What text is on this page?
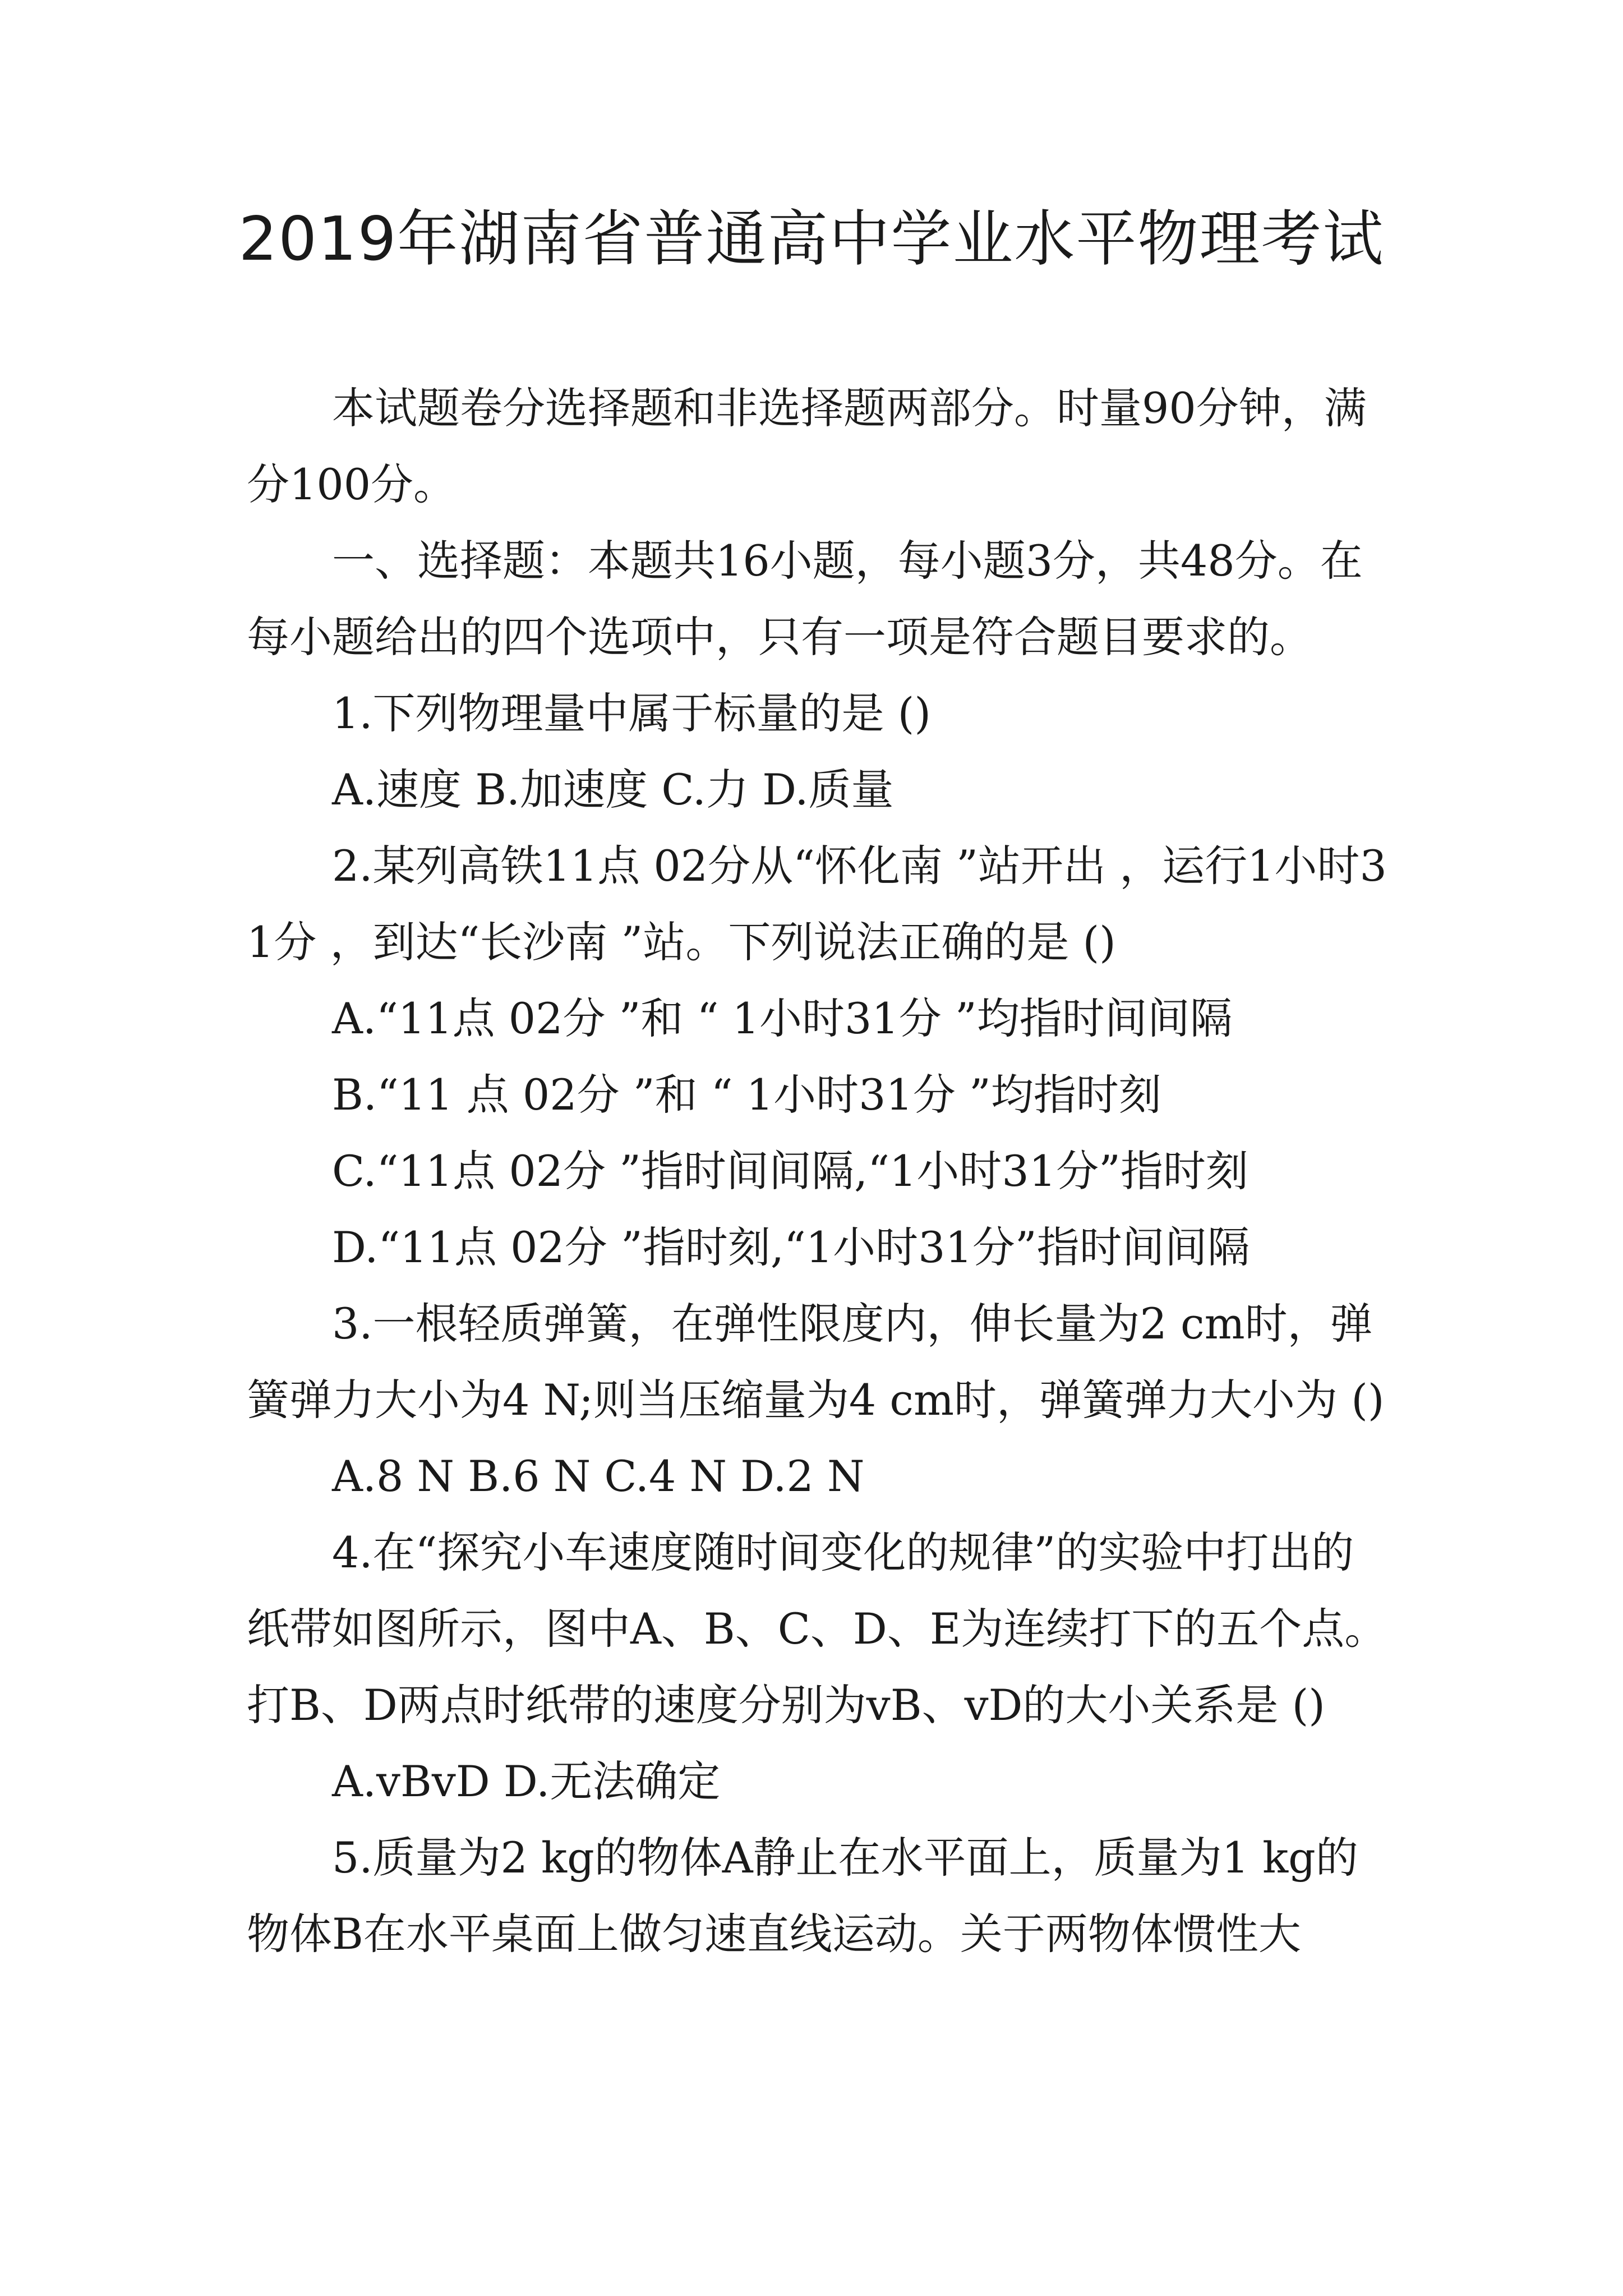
2019年湖南省普通高中学业水平物理考试

本试题卷分选择题和非选择题两部分。时量90分钟，满分100分。

一、选择题：本题共16小题，每小题3分，共48分。在每小题给出的四个选项中，只有一项是符合题目要求的。

1.下列物理量中属于标量的是 ()

A.速度 B.加速度 C.力 D.质量

2.某列高铁11点 02分从“怀化南 ”站开出 ，运行1小时31分 ，到达“长沙南 ”站。下列说法正确的是 ()

A.“11点 02分 ”和 “ 1小时31分 ”均指时间间隔

B.“11 点 02分 ”和 “ 1小时31分 ”均指时刻

C.“11点 02分 ”指时间间隔,“1小时31分”指时刻

D.“11点 02分 ”指时刻,“1小时31分”指时间间隔

3.一根轻质弹簧，在弹性限度内，伸长量为2 cm时，弹簧弹力大小为4 N;则当压缩量为4 cm时，弹簧弹力大小为 ()

A.8 N B.6 N C.4 N D.2 N

4.在“探究小车速度随时间变化的规律”的实验中打出的纸带如图所示，图中A、B、C、D、E为连续打下的五个点。打B、D两点时纸带的速度分别为vB、vD的大小关系是 ()

A.vBvD D.无法确定

5.质量为2 kg的物体A静止在水平面上，质量为1 kg的物体B在水平桌面上做匀速直线运动。关于两物体惯性大
